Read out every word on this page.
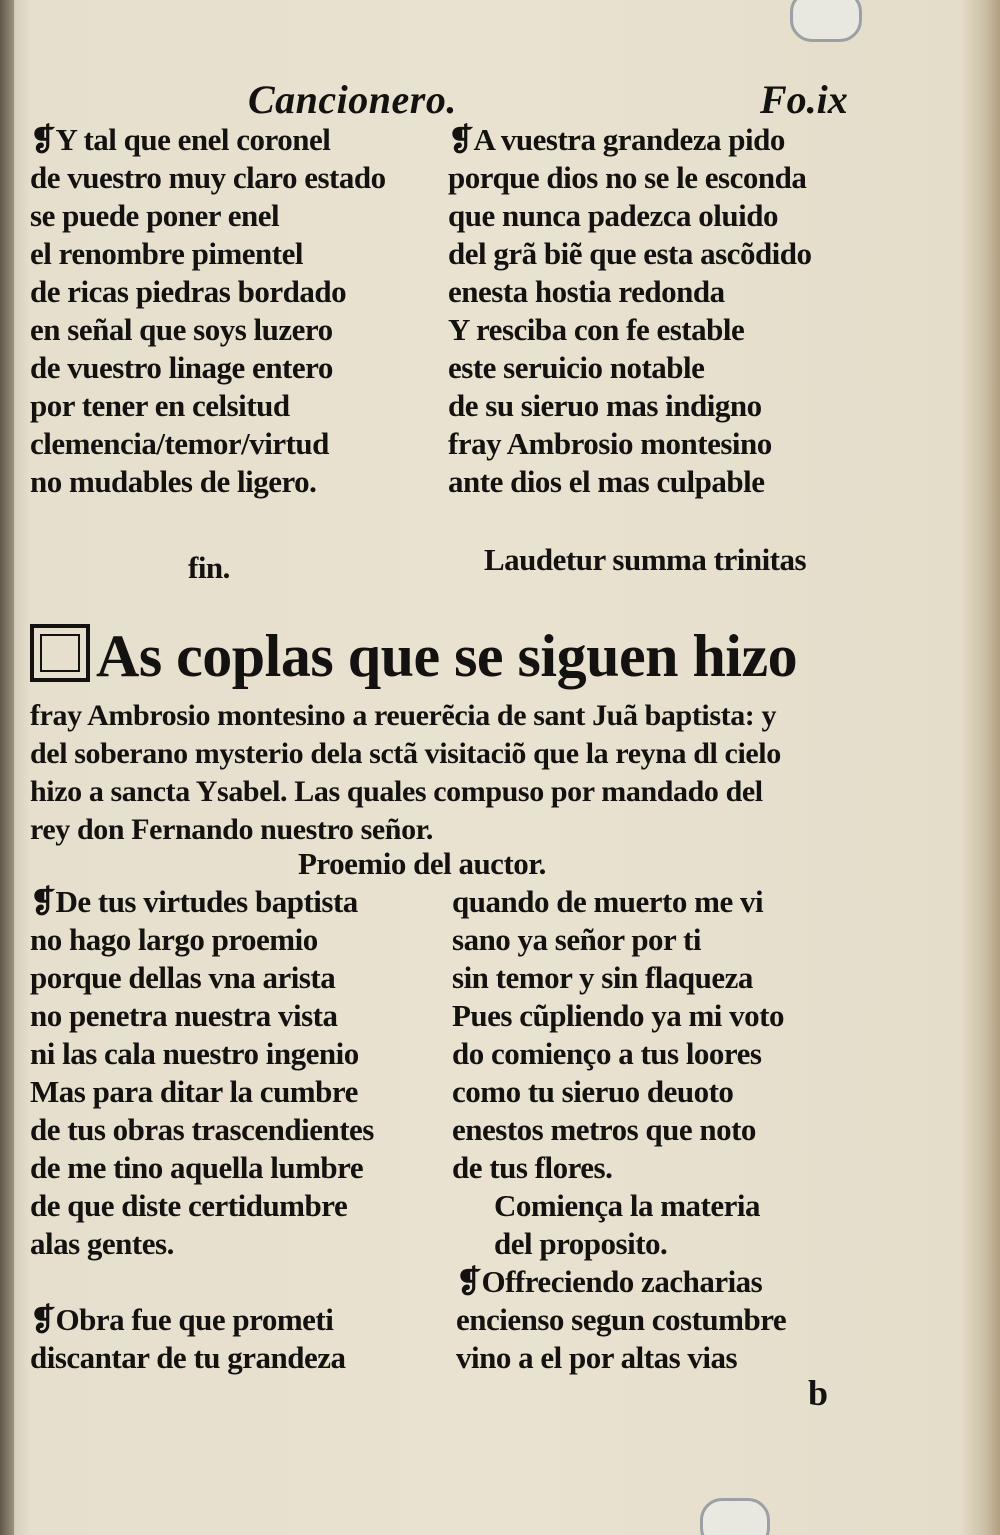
Cancionero.	Fo.ix
❡Y tal que enel coronel
de vuestro muy claro estado
se puede poner enel
el renombre pimentel
de ricas piedras bordado
en señal que soys luzero
de vuestro linage entero
por tener en celsitud
clemencia/temor/virtud
no mudables de ligero.
❡A vuestra grandeza pido
porque dios no se le esconda
que nunca padezca oluido
del grã biẽ que esta ascõdido
enesta hostia redonda
Y resciba con fe estable
este seruicio notable
de su sieruo mas indigno
fray Ambrosio montesino
ante dios el mas culpable
fin.	Laudetur summa trinitas
As coplas que se siguen hizo
fray Ambrosio montesino a reuerẽcia de sant Juã baptista: y
del soberano mysterio dela sctã visitaciõ que la reyna dl cielo
hizo a sancta Ysabel. Las quales compuso por mandado del
rey don Fernando nuestro señor.
Proemio del auctor.
❡De tus virtudes baptista
no hago largo proemio
porque dellas vna arista
no penetra nuestra vista
ni las cala nuestro ingenio
Mas para ditar la cumbre
de tus obras trascendientes
de me tino aquella lumbre
de que diste certidumbre
alas gentes.
❡Obra fue que prometi
discantar de tu grandeza
quando de muerto me vi
sano ya señor por ti
sin temor y sin flaqueza
Pues cũpliendo ya mi voto
do comienço a tus loores
como tu sieruo deuoto
enestos metros que noto
de tus flores.
Comiença la materia
del proposito.
❡Offreciendo zacharias
encienso segun costumbre
vino a el por altas vias
b
